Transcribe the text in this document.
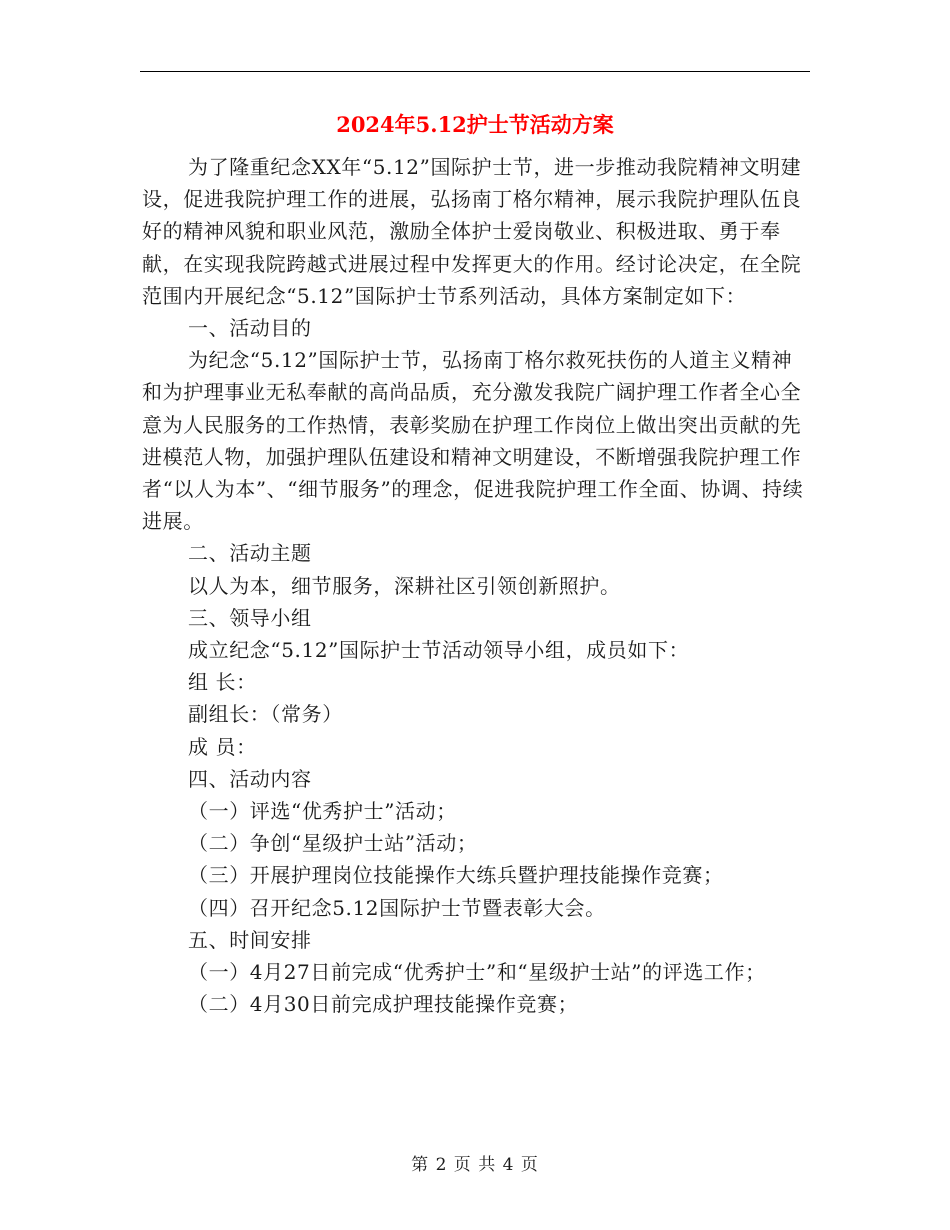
2024年5.12护士节活动方案

为了隆重纪念XX年“5.12”国际护士节，进一步推动我院精神文明建设，促进我院护理工作的进展，弘扬南丁格尔精神，展示我院护理队伍良好的精神风貌和职业风范，激励全体护士爱岗敬业、积极进取、勇于奉献，在实现我院跨越式进展过程中发挥更大的作用。经讨论决定，在全院范围内开展纪念“5.12”国际护士节系列活动，具体方案制定如下：

一、活动目的

为纪念“5.12”国际护士节，弘扬南丁格尔救死扶伤的人道主义精神和为护理事业无私奉献的高尚品质，充分激发我院广阔护理工作者全心全意为人民服务的工作热情，表彰奖励在护理工作岗位上做出突出贡献的先进模范人物，加强护理队伍建设和精神文明建设，不断增强我院护理工作者“以人为本”、“细节服务”的理念，促进我院护理工作全面、协调、持续进展。

二、活动主题

以人为本，细节服务，深耕社区引领创新照护。

三、领导小组

成立纪念“5.12”国际护士节活动领导小组，成员如下：

组 长：

副组长：（常务）

成 员：

四、活动内容

（一）评选“优秀护士”活动；

（二）争创“星级护士站”活动；

（三）开展护理岗位技能操作大练兵暨护理技能操作竞赛；

（四）召开纪念5.12国际护士节暨表彰大会。

五、时间安排

（一）4月27日前完成“优秀护士”和“星级护士站”的评选工作；

（二）4月30日前完成护理技能操作竞赛；

第 2 页 共 4 页
